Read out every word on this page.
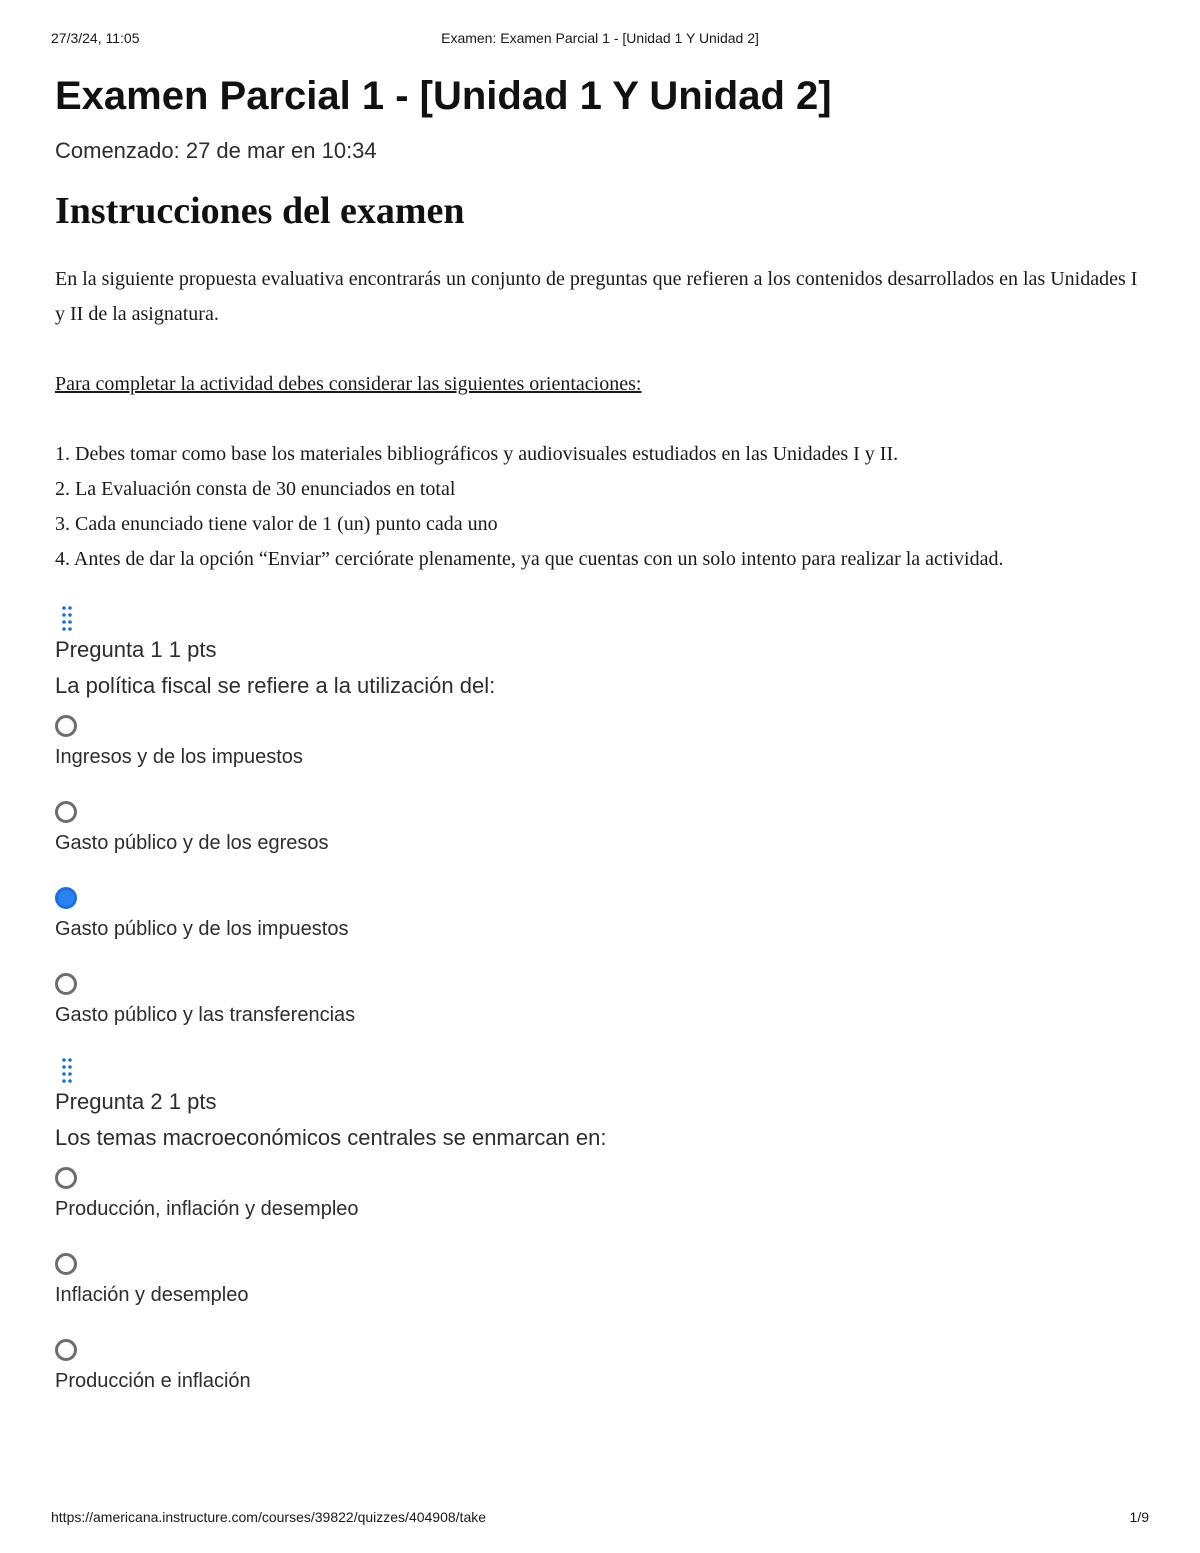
27/3/24, 11:05	Examen: Examen Parcial 1 - [Unidad 1 Y Unidad 2]
Examen Parcial 1 - [Unidad 1 Y Unidad 2]
Comenzado: 27 de mar en 10:34
Instrucciones del examen
En la siguiente propuesta evaluativa encontrarás un conjunto de preguntas que refieren a los contenidos desarrollados en las Unidades I y II de la asignatura.
Para completar la actividad debes considerar las siguientes orientaciones:
1. Debes tomar como base los materiales bibliográficos y audiovisuales estudiados en las Unidades I y II.
2. La Evaluación consta de 30 enunciados en total
3. Cada enunciado tiene valor de 1 (un) punto cada uno
4. Antes de dar la opción “Enviar” cerciórate plenamente, ya que cuentas con un solo intento para realizar la actividad.
Pregunta 1 1 pts
La política fiscal se refiere a la utilización del:
Ingresos y de los impuestos
Gasto público y de los egresos
Gasto público y de los impuestos
Gasto público y las transferencias
Pregunta 2 1 pts
Los temas macroeconómicos centrales se enmarcan en:
Producción, inflación y desempleo
Inflación y desempleo
Producción e inflación
https://americana.instructure.com/courses/39822/quizzes/404908/take	1/9
